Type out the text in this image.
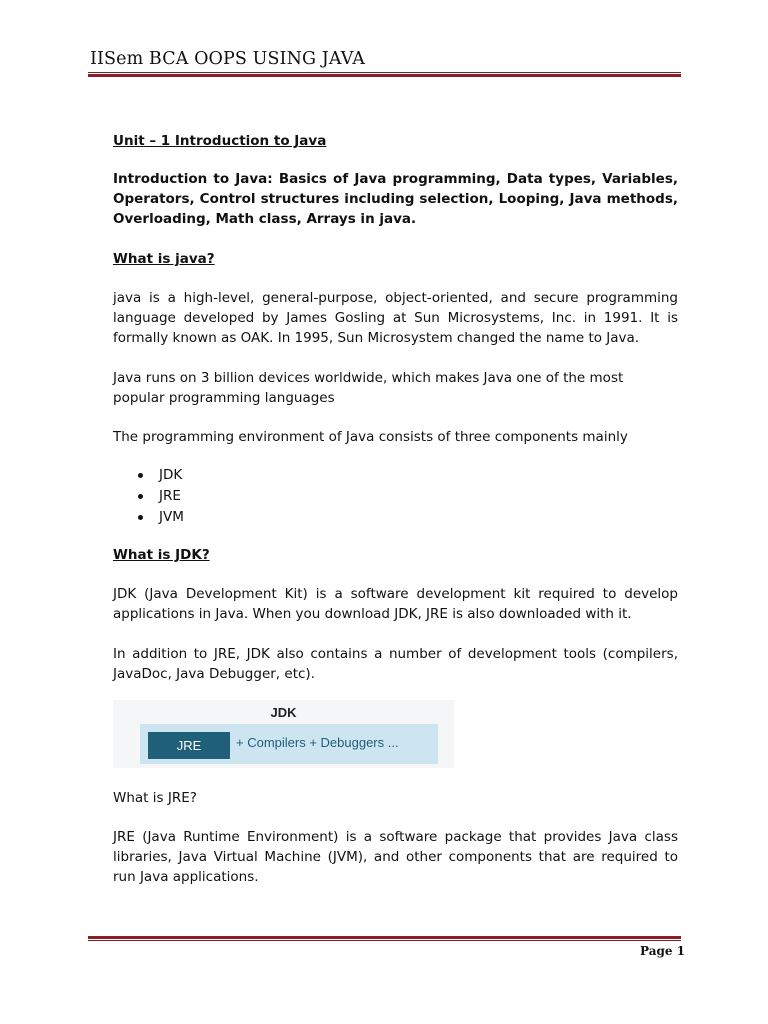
IISem BCA OOPS USING JAVA

Unit – 1 Introduction to Java

Introduction to Java: Basics of Java programming, Data types, Variables, Operators, Control structures including selection, Looping, Java methods, Overloading, Math class, Arrays in java.

What is java?

java is a high-level, general-purpose, object-oriented, and secure programming language developed by James Gosling at Sun Microsystems, Inc. in 1991. It is formally known as OAK. In 1995, Sun Microsystem changed the name to Java.

Java runs on 3 billion devices worldwide, which makes Java one of the most popular programming languages

The programming environment of Java consists of three components mainly

JDK
JRE
JVM

What is JDK?

JDK (Java Development Kit) is a software development kit required to develop applications in Java. When you download JDK, JRE is also downloaded with it.

In addition to JRE, JDK also contains a number of development tools (compilers, JavaDoc, Java Debugger, etc).

What is JRE?

JRE (Java Runtime Environment) is a software package that provides Java class libraries, Java Virtual Machine (JVM), and other components that are required to run Java applications.

JDK
JRE	+ Compilers + Debuggers ...
Page 1
